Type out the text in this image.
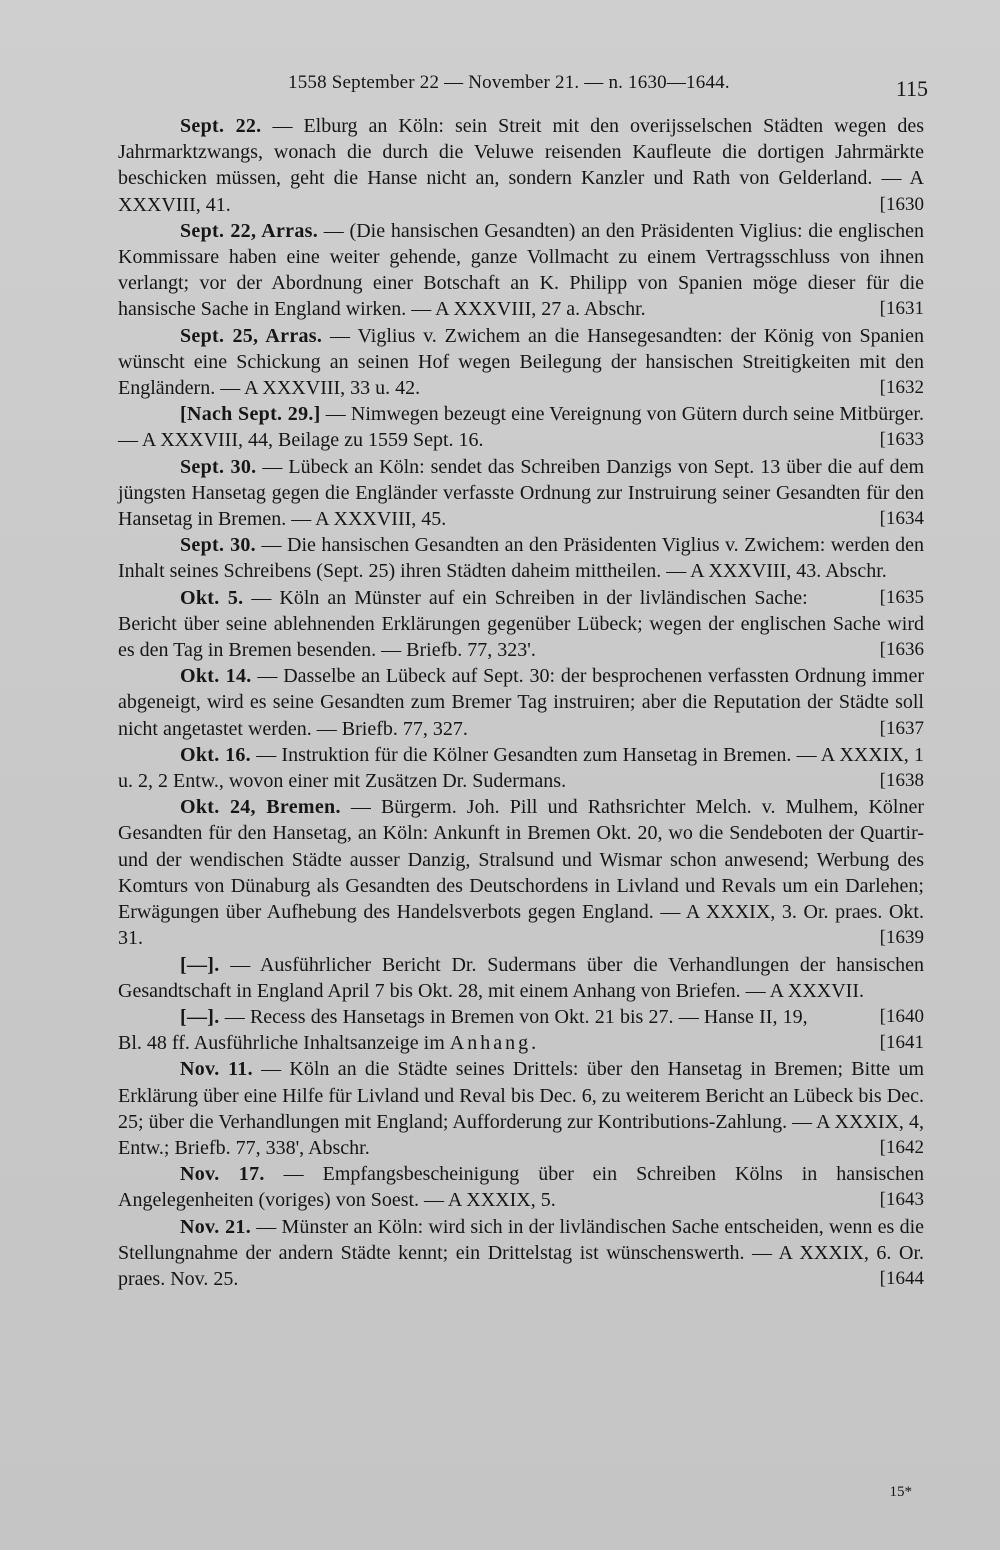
1558 September 22 — November 21. — n. 1630—1644.	115

Sept. 22. — Elburg an Köln: sein Streit mit den overijsselschen Städten wegen des Jahrmarktzwangs, wonach die durch die Veluwe reisenden Kaufleute die dortigen Jahrmärkte beschicken müssen, geht die Hanse nicht an, sondern Kanzler und Rath von Gelderland. — A XXXVIII, 41.	[1630

Sept. 22, Arras. — (Die hansischen Gesandten) an den Präsidenten Viglius: die englischen Kommissare haben eine weiter gehende, ganze Vollmacht zu einem Vertragsschluss von ihnen verlangt; vor der Abordnung einer Botschaft an K. Philipp von Spanien möge dieser für die hansische Sache in England wirken. — A XXXVIII, 27 a. Abschr.	[1631

Sept. 25, Arras. — Viglius v. Zwichem an die Hansegesandten: der König von Spanien wünscht eine Schickung an seinen Hof wegen Beilegung der hansischen Streitigkeiten mit den Engländern. — A XXXVIII, 33 u. 42.	[1632

[Nach Sept. 29.] — Nimwegen bezeugt eine Vereignung von Gütern durch seine Mitbürger. — A XXXVIII, 44, Beilage zu 1559 Sept. 16.	[1633

Sept. 30. — Lübeck an Köln: sendet das Schreiben Danzigs von Sept. 13 über die auf dem jüngsten Hansetag gegen die Engländer verfasste Ordnung zur Instruirung seiner Gesandten für den Hansetag in Bremen. — A XXXVIII, 45.	[1634

Sept. 30. — Die hansischen Gesandten an den Präsidenten Viglius v. Zwichem: werden den Inhalt seines Schreibens (Sept. 25) ihren Städten daheim mittheilen. — A XXXVIII, 43. Abschr.
[1635

Okt. 5. — Köln an Münster auf ein Schreiben in der livländischen Sache: Bericht über seine ablehnenden Erklärungen gegenüber Lübeck; wegen der englischen Sache wird es den Tag in Bremen besenden. — Briefb. 77, 323'.	[1636

Okt. 14. — Dasselbe an Lübeck auf Sept. 30: der besprochenen verfassten Ordnung immer abgeneigt, wird es seine Gesandten zum Bremer Tag instruiren; aber die Reputation der Städte soll nicht angetastet werden. — Briefb. 77, 327.	[1637

Okt. 16. — Instruktion für die Kölner Gesandten zum Hansetag in Bremen. — A XXXIX, 1 u. 2, 2 Entw., wovon einer mit Zusätzen Dr. Sudermans.	[1638

Okt. 24, Bremen. — Bürgerm. Joh. Pill und Rathsrichter Melch. v. Mulhem, Kölner Gesandten für den Hansetag, an Köln: Ankunft in Bremen Okt. 20, wo die Sendeboten der Quartir- und der wendischen Städte ausser Danzig, Stralsund und Wismar schon anwesend; Werbung des Komturs von Dünaburg als Gesandten des Deutschordens in Livland und Revals um ein Darlehen; Erwägungen über Aufhebung des Handelsverbots gegen England. — A XXXIX, 3. Or. praes. Okt. 31.	[1639

[—]. — Ausführlicher Bericht Dr. Sudermans über die Verhandlungen der hansischen Gesandtschaft in England April 7 bis Okt. 28, mit einem Anhang von Briefen. — A XXXVII.
[1640

[—]. — Recess des Hansetags in Bremen von Okt. 21 bis 27. — Hanse II, 19, Bl. 48 ff. Ausführliche Inhaltsanzeige im Anhang.	[1641

Nov. 11. — Köln an die Städte seines Drittels: über den Hansetag in Bremen; Bitte um Erklärung über eine Hilfe für Livland und Reval bis Dec. 6, zu weiterem Bericht an Lübeck bis Dec. 25; über die Verhandlungen mit England; Aufforderung zur Kontributions-Zahlung. — A XXXIX, 4, Entw.; Briefb. 77, 338', Abschr.	[1642

Nov. 17. — Empfangsbescheinigung über ein Schreiben Kölns in hansischen Angelegenheiten (voriges) von Soest. — A XXXIX, 5.	[1643

Nov. 21. — Münster an Köln: wird sich in der livländischen Sache entscheiden, wenn es die Stellungnahme der andern Städte kennt; ein Drittelstag ist wünschenswerth. — A XXXIX, 6. Or. praes. Nov. 25.	[1644

15*
